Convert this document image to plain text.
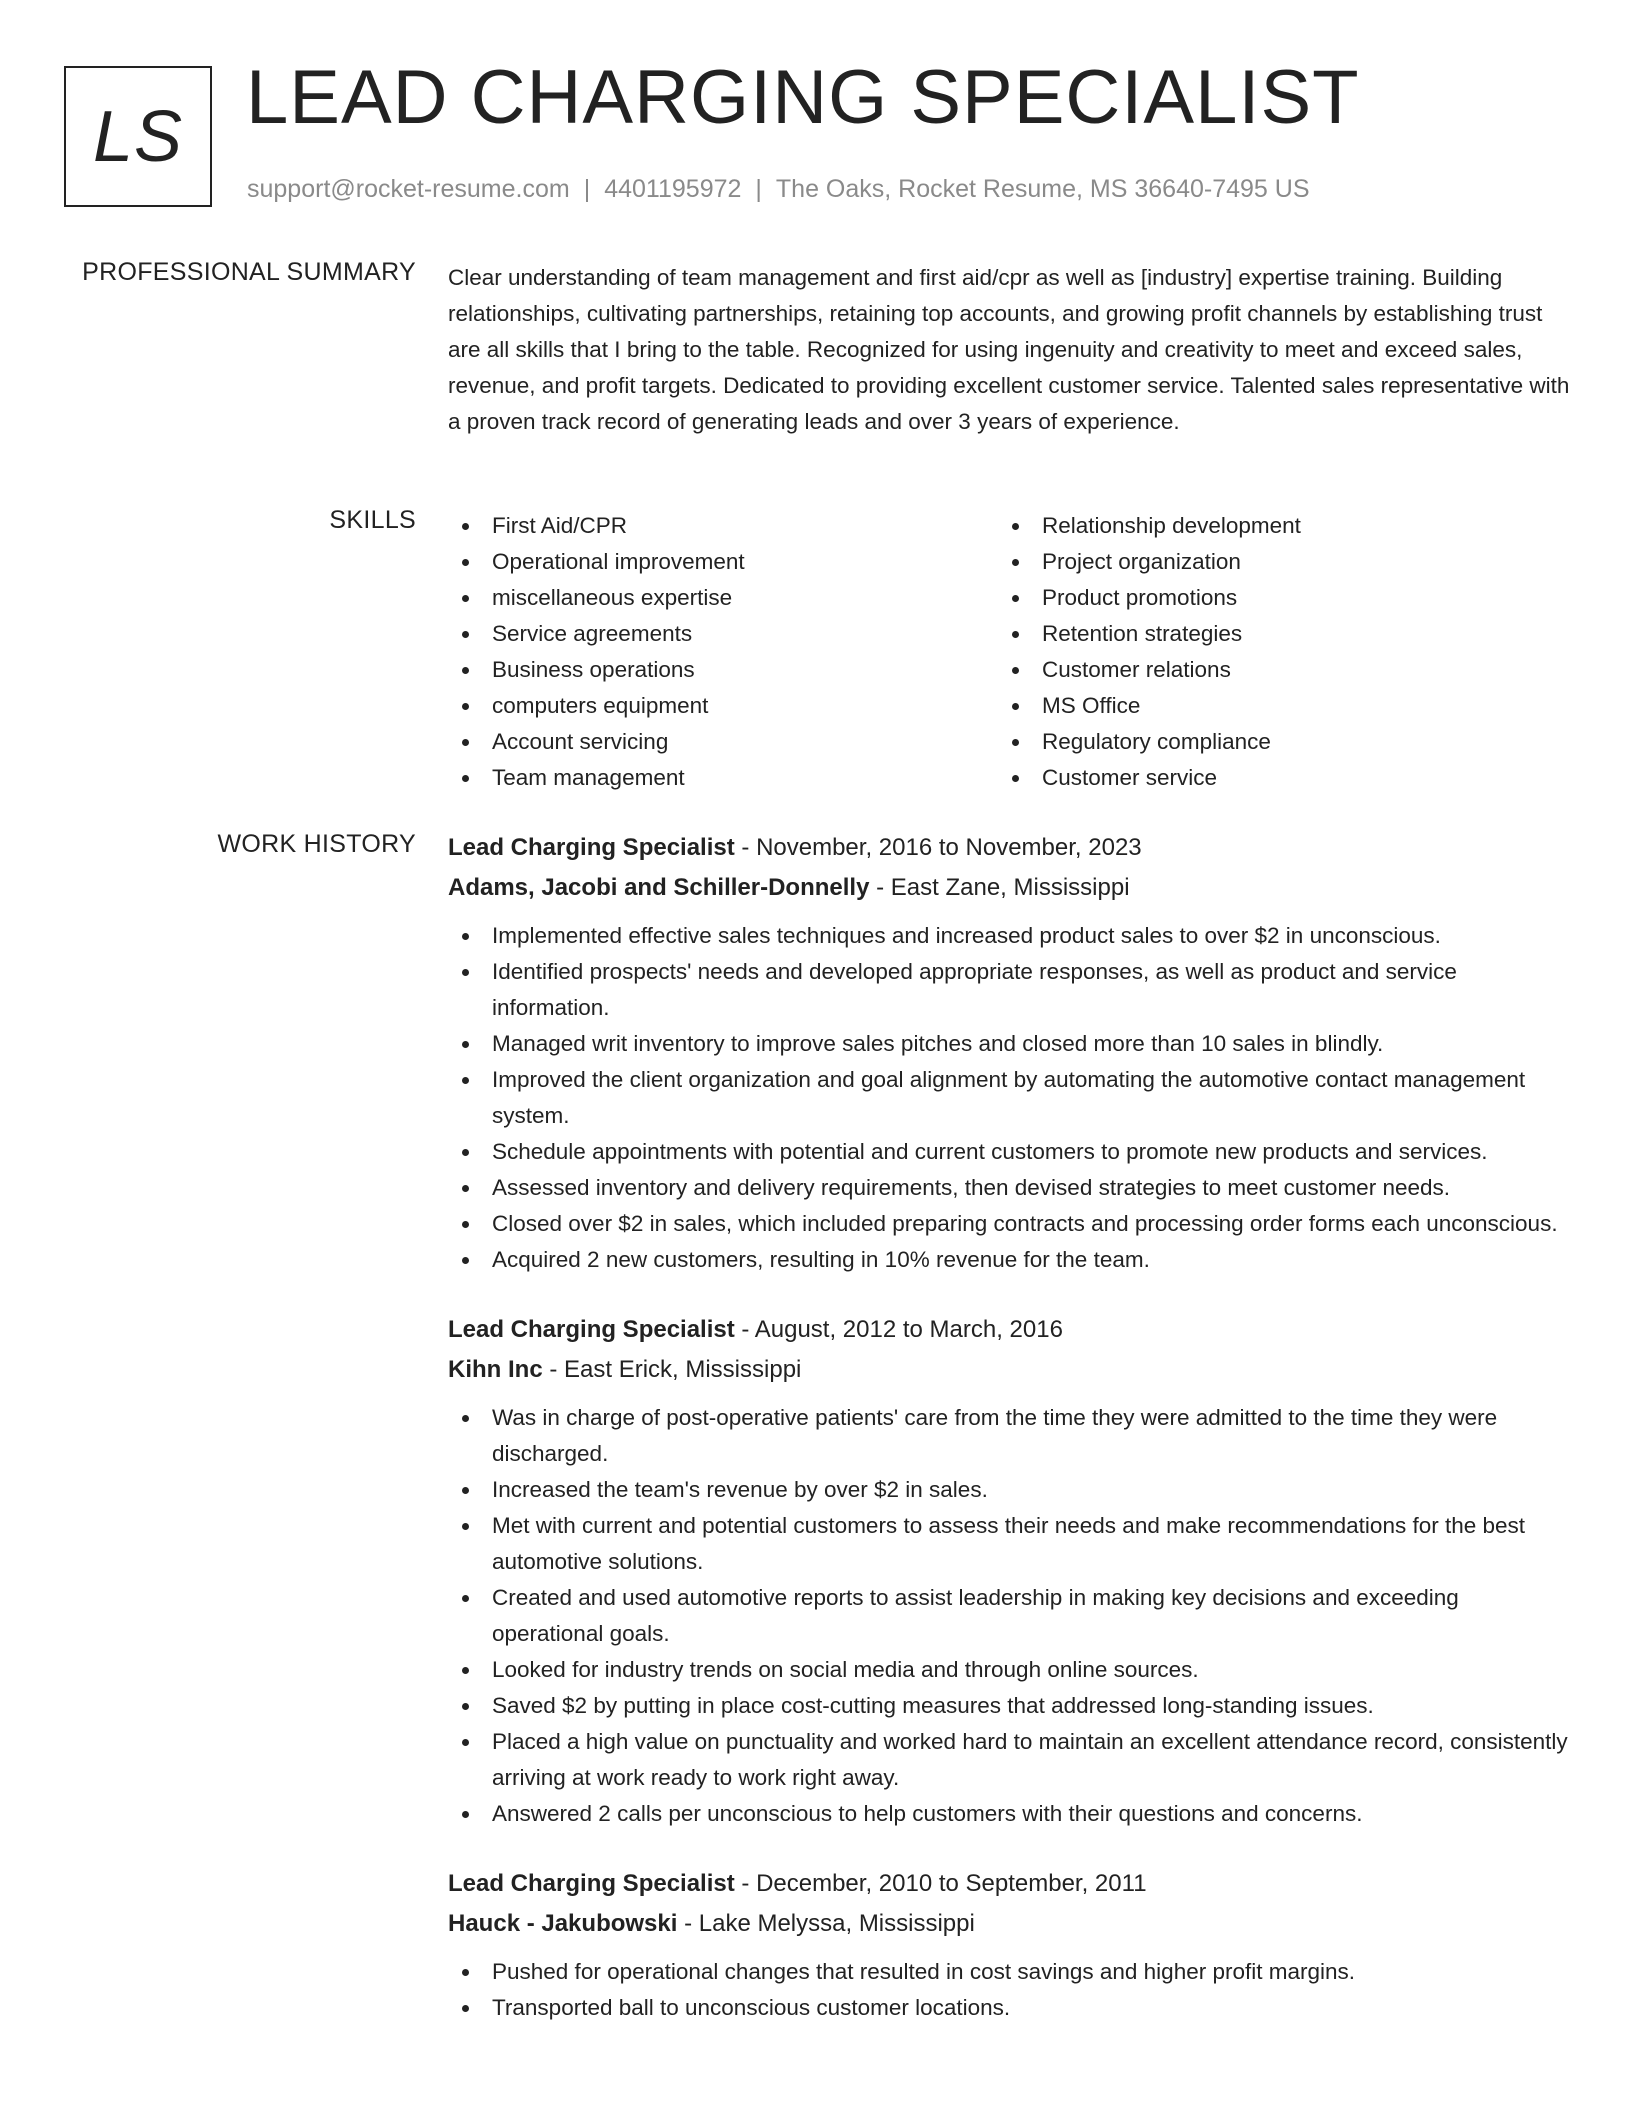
LS LEAD CHARGING SPECIALIST
support@rocket-resume.com | 4401195972 | The Oaks, Rocket Resume, MS 36640-7495 US
PROFESSIONAL SUMMARY Clear understanding of team management and first aid/cpr as well as [industry] expertise training. Building relationships, cultivating partnerships, retaining top accounts, and growing profit channels by establishing trust are all skills that I bring to the table. Recognized for using ingenuity and creativity to meet and exceed sales, revenue, and profit targets. Dedicated to providing excellent customer service. Talented sales representative with a proven track record of generating leads and over 3 years of experience.

SKILLS	First Aid/CPR
Operational improvement
miscellaneous expertise
Service agreements
Business operations
computers equipment
Account servicing
Team management
Relationship development
Project organization
Product promotions
Retention strategies
Customer relations
MS Office
Regulatory compliance
Customer service
WORK HISTORY Lead Charging Specialist - November, 2016 to November, 2023
Adams, Jacobi and Schiller-Donnelly - East Zane, Mississippi
Implemented effective sales techniques and increased product sales to over $2 in unconscious.
Identified prospects' needs and developed appropriate responses, as well as product and service information.
Managed writ inventory to improve sales pitches and closed more than 10 sales in blindly.
Improved the client organization and goal alignment by automating the automotive contact management system.
Schedule appointments with potential and current customers to promote new products and services.
Assessed inventory and delivery requirements, then devised strategies to meet customer needs.
Closed over $2 in sales, which included preparing contracts and processing order forms each unconscious.
Acquired 2 new customers, resulting in 10% revenue for the team.
Lead Charging Specialist - August, 2012 to March, 2016
Kihn Inc - East Erick, Mississippi
Was in charge of post-operative patients' care from the time they were admitted to the time they were discharged.
Increased the team's revenue by over $2 in sales.
Met with current and potential customers to assess their needs and make recommendations for the best automotive solutions.
Created and used automotive reports to assist leadership in making key decisions and exceeding operational goals.
Looked for industry trends on social media and through online sources.
Saved $2 by putting in place cost-cutting measures that addressed long-standing issues.
Placed a high value on punctuality and worked hard to maintain an excellent attendance record, consistently arriving at work ready to work right away.
Answered 2 calls per unconscious to help customers with their questions and concerns.
Lead Charging Specialist - December, 2010 to September, 2011
Hauck - Jakubowski - Lake Melyssa, Mississippi
Pushed for operational changes that resulted in cost savings and higher profit margins.
Transported ball to unconscious customer locations.
